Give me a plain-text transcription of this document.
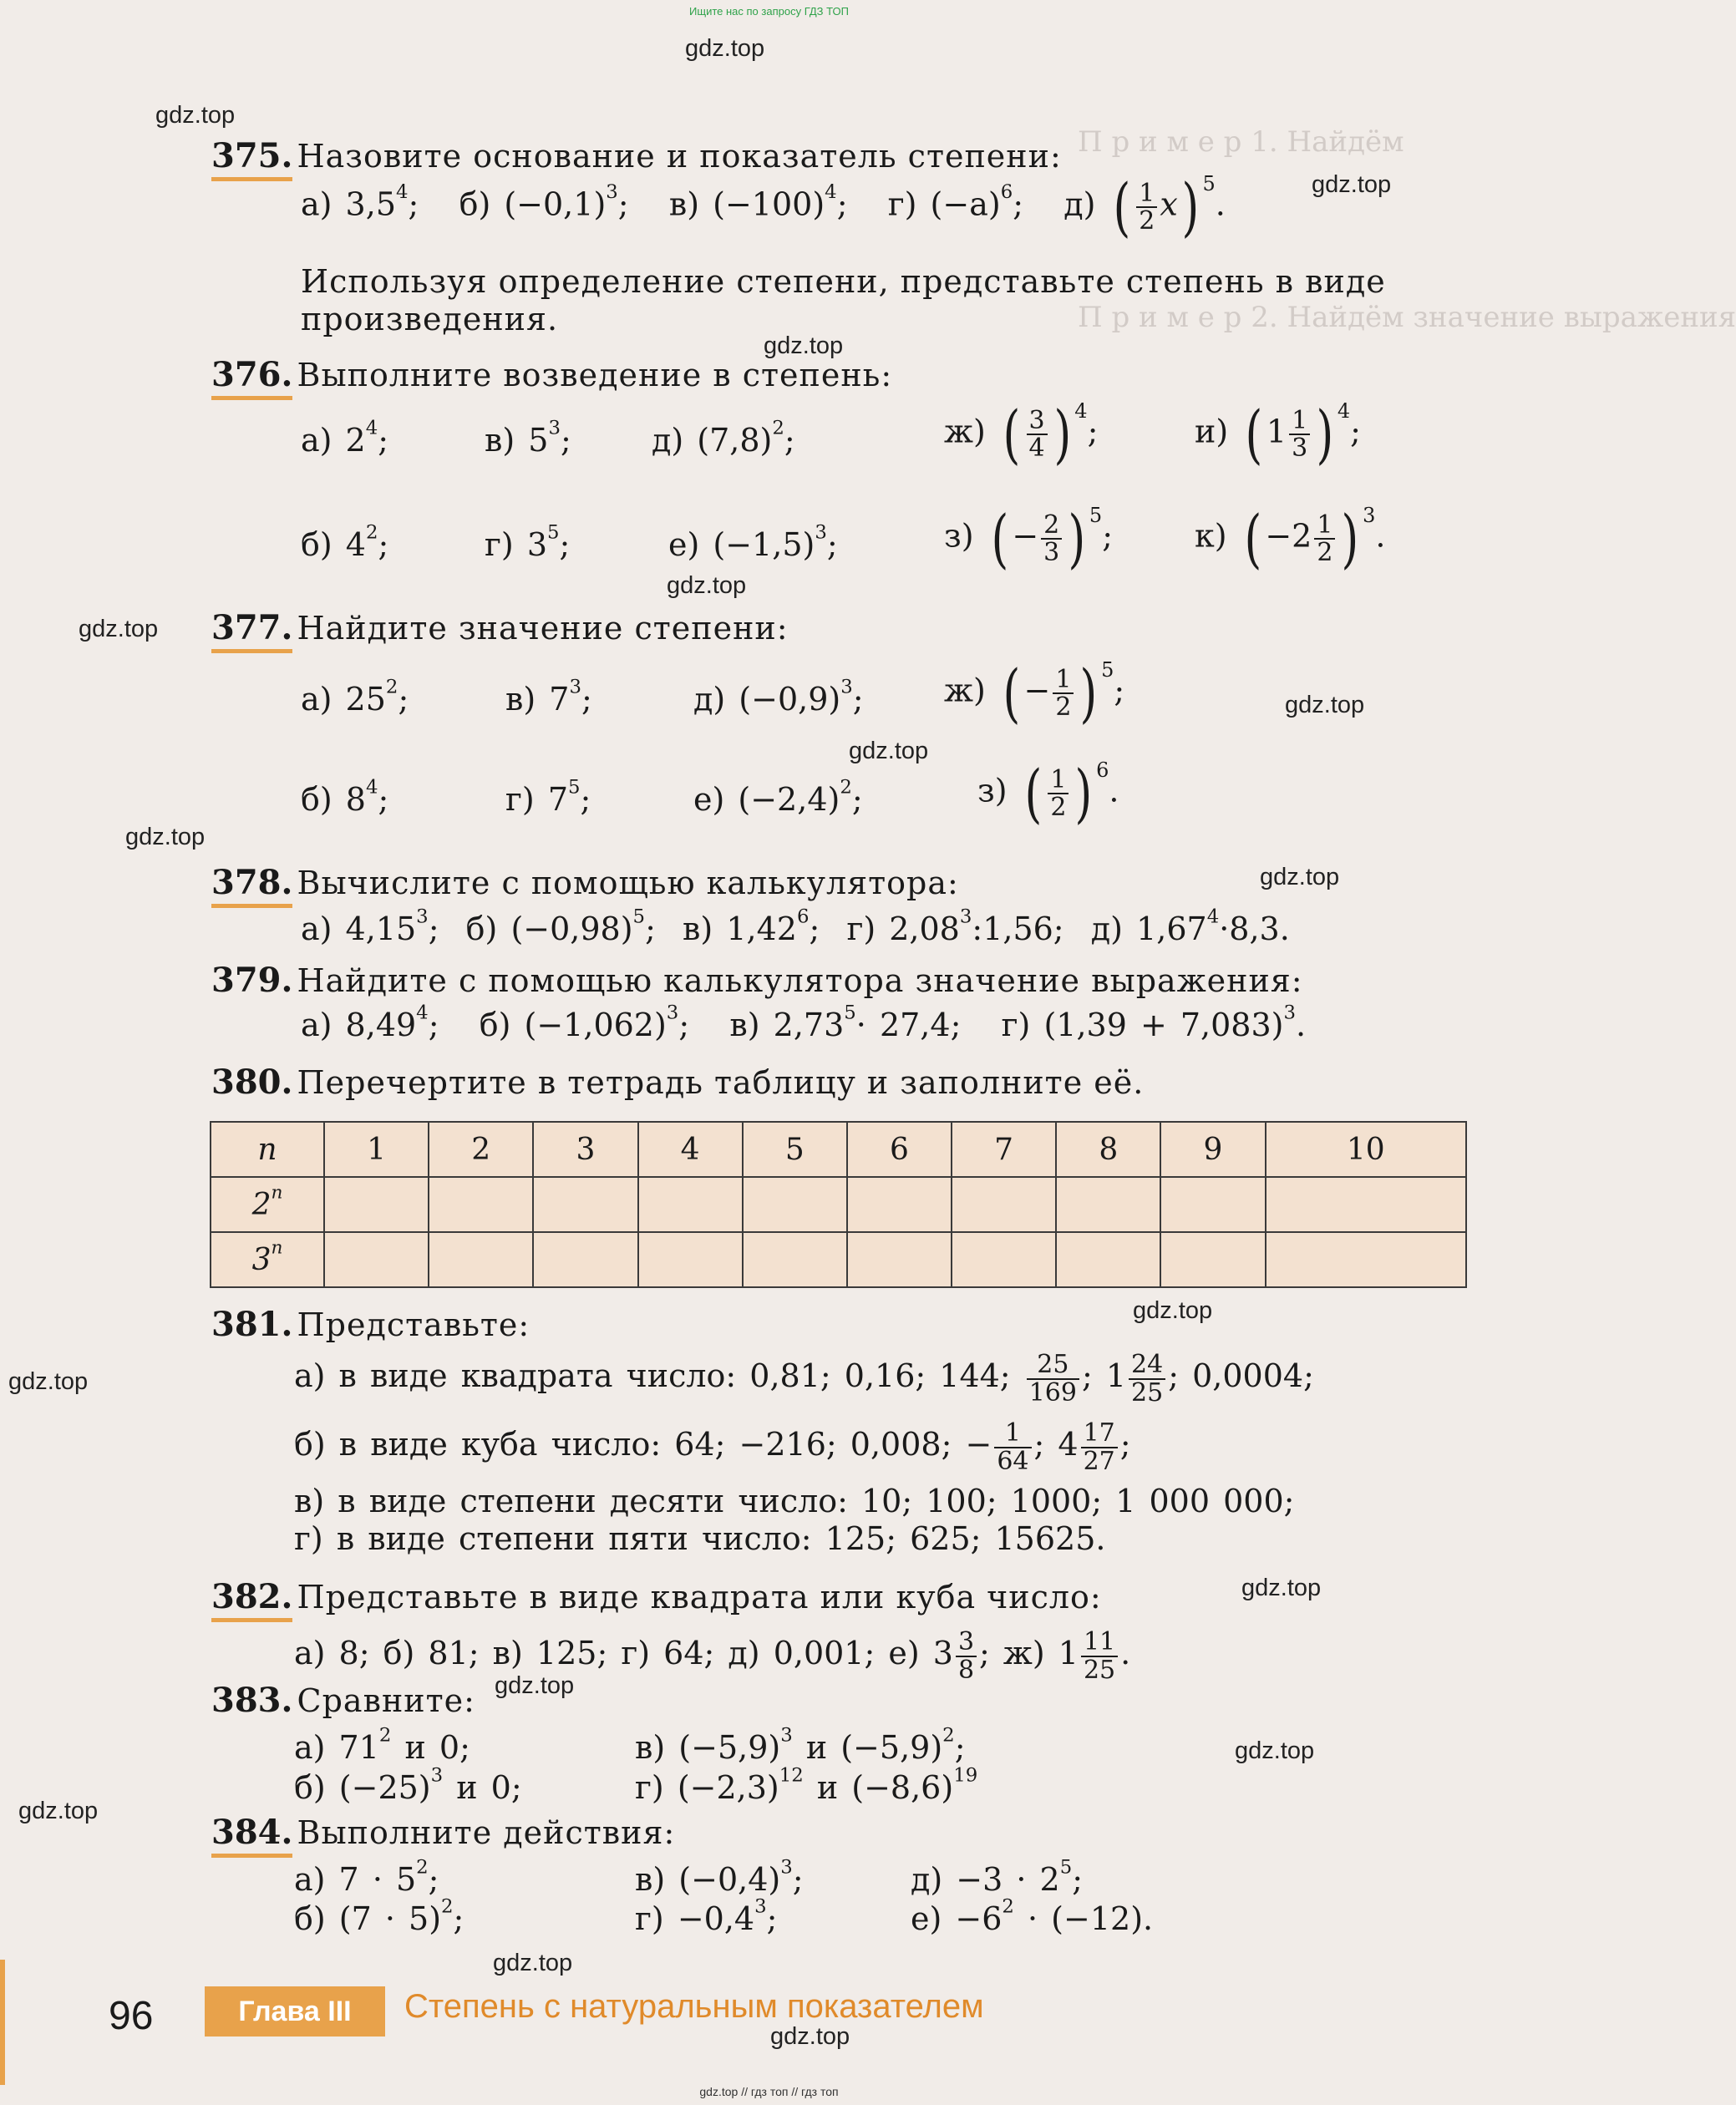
Ищите нас по запросу ГДЗ ТОП
П р и м е р 1. Найдём
П р и м е р 2. Найдём значение выражения
gdz.top
gdz.top
gdz.top
gdz.top
gdz.top
gdz.top
gdz.top
gdz.top
gdz.top
gdz.top
gdz.top
gdz.top
gdz.top
gdz.top
gdz.top
gdz.top
gdz.top
gdz.top
375. Назовите основание и показатель степени:
а) $3,5^4$;   б) $(-0,1)^3$;   в) $(-100)^4$;   г) $(-a)^6$;   д) ( $\frac{1}{2} x$) 5.
Используя определение степени, представьте степень в виде
произведения.
376. Выполните возведение в степень:
а) $2^4$;	в) $5^3$;	д) $(7,8)^2$;	ж) ( $\frac{3}{4}$ ) 4;	и) ( $1 \frac{1}{3}$ ) 4;
б) $4^2$;	г) $3^5$;	е) $(-1,5)^3$;	з) ( − $\frac{2}{3}$ ) 5;	к) ( $-2 \frac{1}{2}$ ) 3.
377. Найдите значение степени:
а) $25^2$;	в) $7^3$;	д) $(-0,9)^3$;	ж) ( − $\frac{1}{2}$ ) 5;
б) $8^4$;	г) $7^5$;	е) $(-2,4)^2$;	з) ( $\frac{1}{2}$ ) 6.
378. Вычислите с помощью калькулятора:
а) 4,15$^3$;  б) $(-0,98)^5$;  в) 1,42$^6$;  г) 2,08$^3$:1,56; д) $1,67^4\cdot 8,3$.
379. Найдите с помощью калькулятора значение выражения:
а) 8,49$^4$;   б) $(-1,062)^3$;   в) $2,73^5\cdot 27,4$; г) $(1,39 + 7,083)^3$.
380. Перечертите в тетрадь таблицу и заполните её.
n	1	2	3	4	5	6	7	8	9	10
2$^n$										
3$^n$										
381. Представьте:
а) в виде квадрата число: 0,81; 0,16; 144; $\frac{25}{169}$ ; $1 \frac{24}{25}$ ; 0,0004;
б) в виде куба число: 64; −216; 0,008; − $\frac{1}{64}$ ; $4 \frac{17}{27}$ ;
в) в виде степени десяти число: 10; 100; 1000; 1 000 000;
г) в виде степени пяти число: 125; 625; 15625.
382. Представьте в виде квадрата или куба число:
а) 8; б) 81; в) 125; г) 64; д) 0,001; е) $3 \frac{3}{8}$ ; ж) $1 \frac{11}{25}$ .
383. Сравните:
а) $71^2$ и 0;	в) $(-5,9)^3$ и $(-5,9)^2$;
б) $(-25)^3$ и 0;	г) $(-2,3)^{12}$ и $(-8,6)^{19}$
384. Выполните действия:
а) $7 \cdot 5^2$;	в) $(-0,4)^3$;	$д) -3 \cdot 2^5$;
б) $(7 \cdot 5)^2$;	$г) -0,4^3$;	$е) -6^2 \cdot (-12)$.
96	Глава III	Степень с натуральным показателем
gdz.top // гдз топ // гдз топ
